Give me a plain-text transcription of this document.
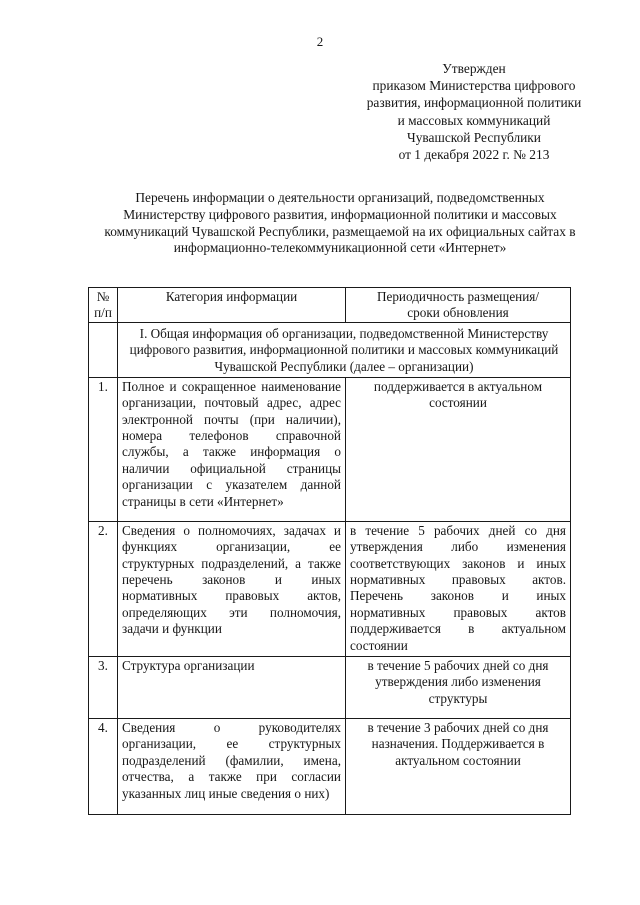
2
Утвержден
приказом Министерства цифрового
развития, информационной политики
и массовых коммуникаций
Чувашской Республики
от 1 декабря 2022 г. № 213
Перечень информации о деятельности организаций, подведомственных
Министерству цифрового развития, информационной политики и массовых
коммуникаций Чувашской Республики, размещаемой на их официальных сайтах в
информационно-телекоммуникационной сети «Интернет»
№ п/п	Категория информации	Периодичность размещения/ сроки обновления
	I. Общая информация об организации, подведомственной Министерству цифрового развития, информационной политики и массовых коммуникаций Чувашской Республики (далее – организации)	
1.	Полное и сокращенное наименование организации, почтовый адрес, адрес электронной почты (при наличии), номера телефонов справочной службы, а также информация о наличии официальной страницы организации с указателем данной страницы в сети «Интернет»	поддерживается в актуальном состоянии
2.	Сведения о полномочиях, задачах и функциях организации, ее структурных подразделений, а также перечень законов и иных нормативных правовых актов, определяющих эти полномочия, задачи и функции	в течение 5 рабочих дней со дня утверждения либо изменения соответствующих законов и иных нормативных правовых актов. Перечень законов и иных нормативных правовых актов поддерживается в актуальном состоянии
3.	Структура организации	в течение 5 рабочих дней со дня утверждения либо изменения структуры
4.	Сведения о руководителях организации, ее структурных подразделений (фамилии, имена, отчества, а также при согласии указанных лиц иные сведения о них)	в течение 3 рабочих дней со дня назначения. Поддерживается в актуальном состоянии
